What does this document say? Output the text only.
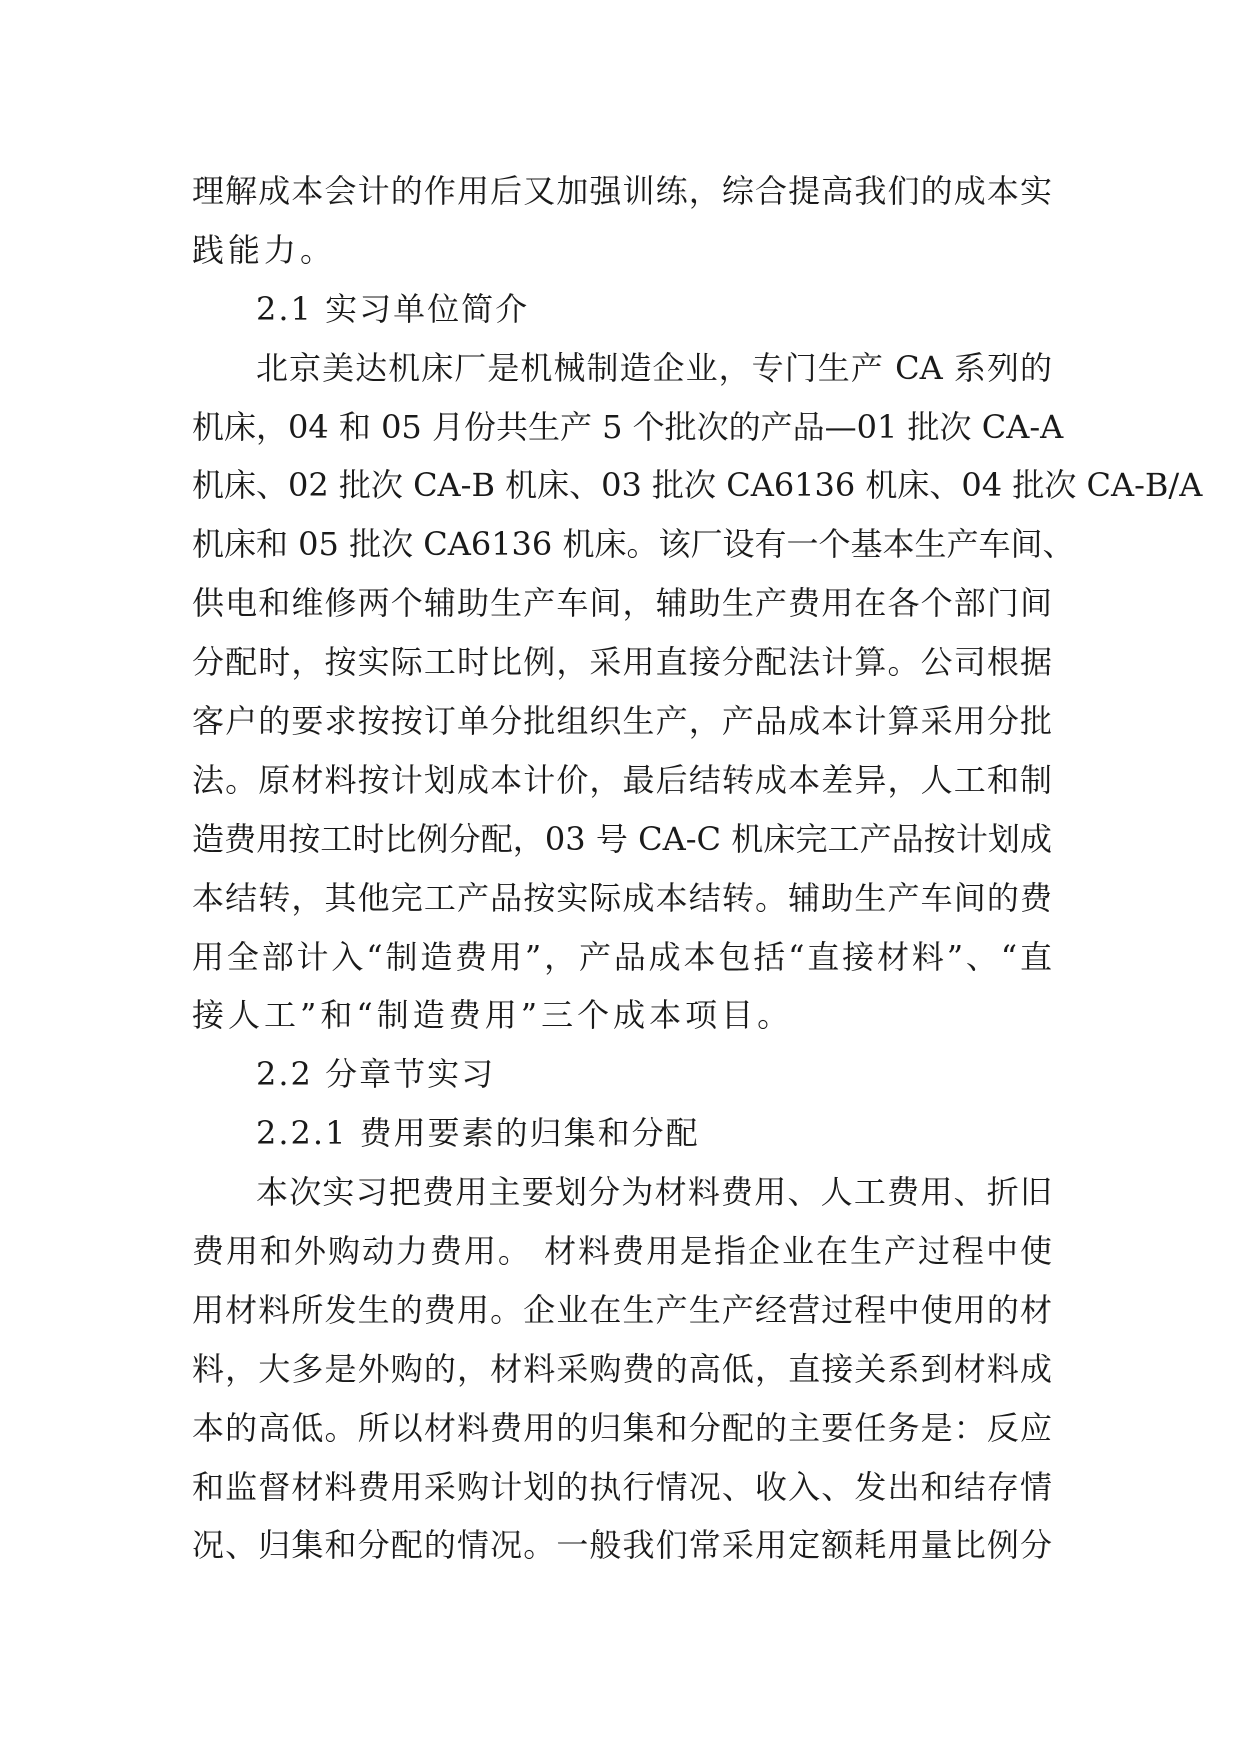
理解成本会计的作用后又加强训练，综合提高我们的成本实
践能力。
2.1 实习单位简介
北京美达机床厂是机械制造企业，专门生产 CA 系列的
机床，04 和 05 月份共生产 5 个批次的产品—01 批次 CA-A
机床、02 批次 CA-B 机床、03 批次 CA6136 机床、04 批次 CA-B/A
机床和 05 批次 CA6136 机床。该厂设有一个基本生产车间、
供电和维修两个辅助生产车间，辅助生产费用在各个部门间
分配时，按实际工时比例，采用直接分配法计算。公司根据
客户的要求按按订单分批组织生产，产品成本计算采用分批
法。原材料按计划成本计价，最后结转成本差异，人工和制
造费用按工时比例分配，03 号 CA-C 机床完工产品按计划成
本结转，其他完工产品按实际成本结转。辅助生产车间的费
用全部计入“制造费用”，产品成本包括“直接材料”、“直
接人工”和“制造费用”三个成本项目。
2.2 分章节实习
2.2.1 费用要素的归集和分配
本次实习把费用主要划分为材料费用、人工费用、折旧
费用和外购动力费用。 材料费用是指企业在生产过程中使
用材料所发生的费用。企业在生产生产经营过程中使用的材
料，大多是外购的，材料采购费的高低，直接关系到材料成
本的高低。所以材料费用的归集和分配的主要任务是：反应
和监督材料费用采购计划的执行情况、收入、发出和结存情
况、归集和分配的情况。一般我们常采用定额耗用量比例分
